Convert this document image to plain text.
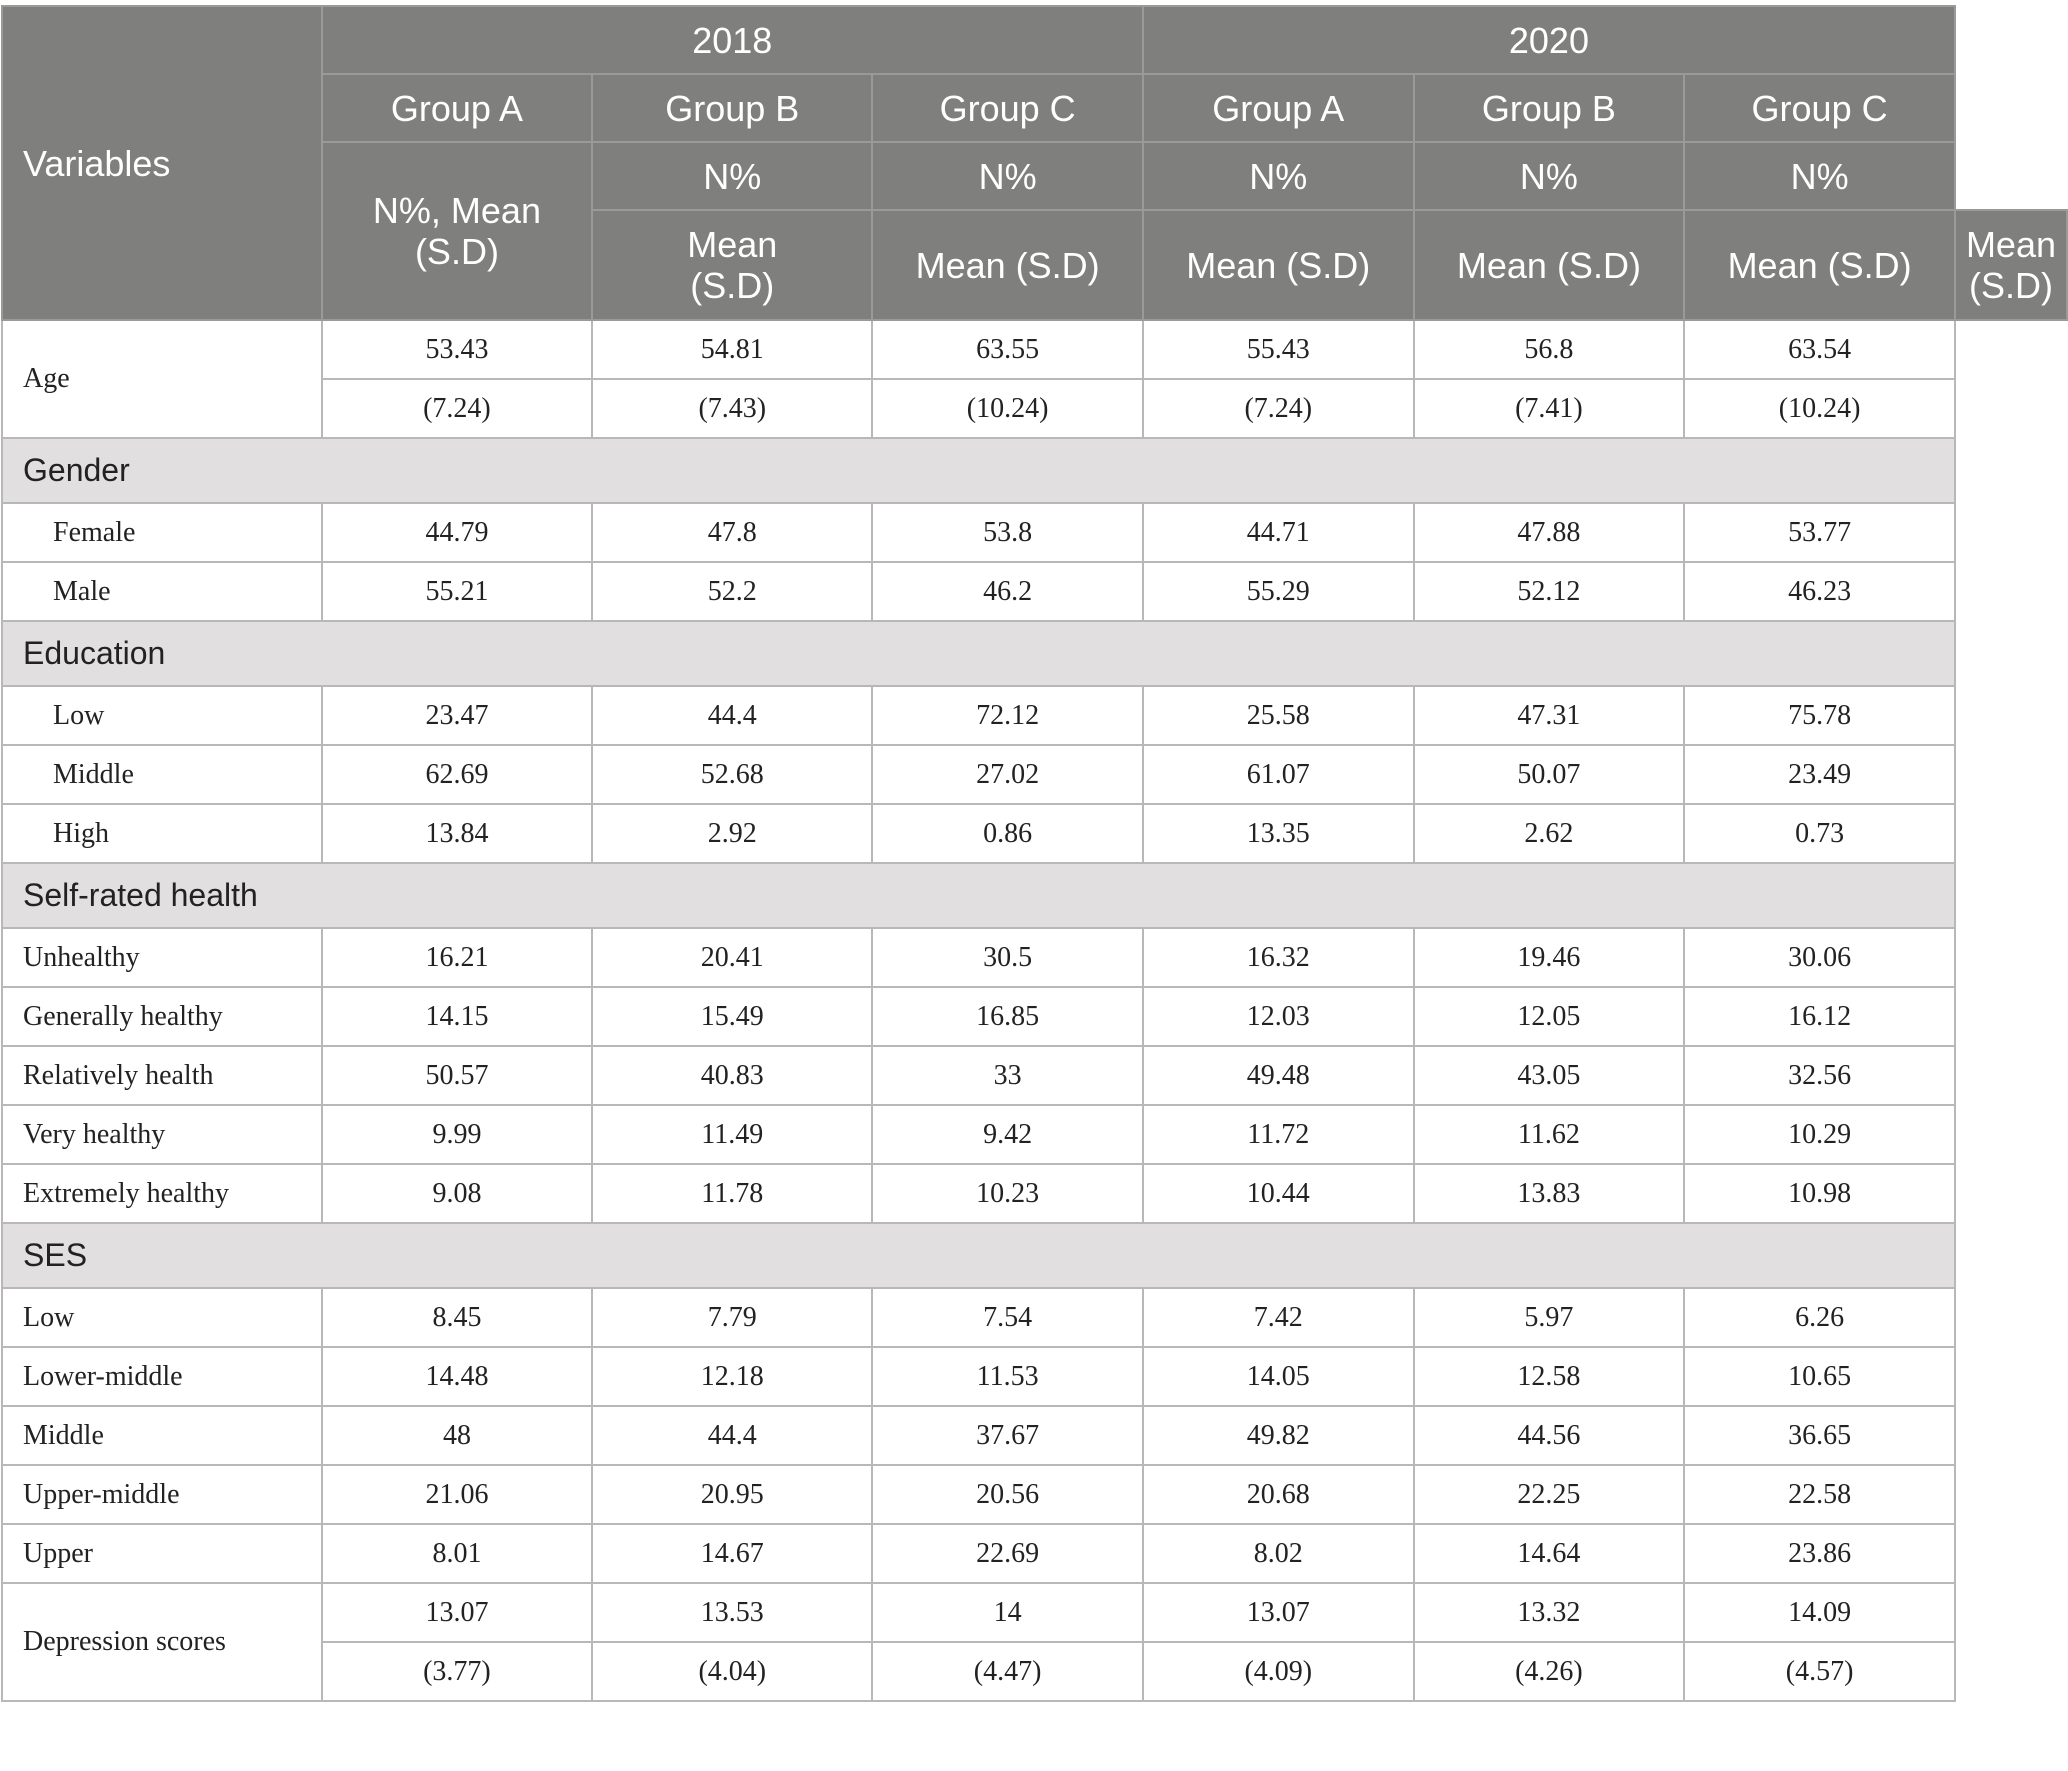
Variables	2018			2020			
	Group A	Group B	Group C	Group A	Group B	Group C	
	N%, Mean (S.D)	N%	N%	N%	N%	N%	
		Mean (S.D)	Mean (S.D)	Mean (S.D)	Mean (S.D)	Mean (S.D)	Mean (S.D)
Age	53.43	54.81	63.55	55.43	56.8	63.54	
	(7.24)	(7.43)	(10.24)	(7.24)	(7.41)	(10.24)	
Gender							
Female	44.79	47.8	53.8	44.71	47.88	53.77	
Male	55.21	52.2	46.2	55.29	52.12	46.23	
Education							
Low	23.47	44.4	72.12	25.58	47.31	75.78	
Middle	62.69	52.68	27.02	61.07	50.07	23.49	
High	13.84	2.92	0.86	13.35	2.62	0.73	
Self-rated health							
Unhealthy	16.21	20.41	30.5	16.32	19.46	30.06	
Generally healthy	14.15	15.49	16.85	12.03	12.05	16.12	
Relatively health	50.57	40.83	33	49.48	43.05	32.56	
Very healthy	9.99	11.49	9.42	11.72	11.62	10.29	
Extremely healthy	9.08	11.78	10.23	10.44	13.83	10.98	
SES							
Low	8.45	7.79	7.54	7.42	5.97	6.26	
Lower-middle	14.48	12.18	11.53	14.05	12.58	10.65	
Middle	48	44.4	37.67	49.82	44.56	36.65	
Upper-middle	21.06	20.95	20.56	20.68	22.25	22.58	
Upper	8.01	14.67	22.69	8.02	14.64	23.86	
Depression scores	13.07	13.53	14	13.07	13.32	14.09	
	(3.77)	(4.04)	(4.47)	(4.09)	(4.26)	(4.57)	
